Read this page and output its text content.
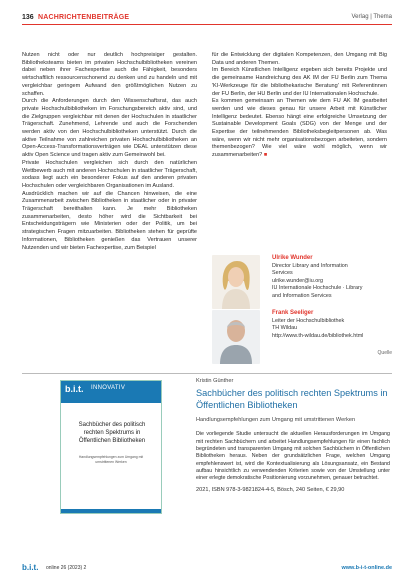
136 NACHRICHTENBEITRÄGE	Verlag | Thema

Nutzen nicht oder nur deutlich hochpreisiger gestalten. Bibliotheksteams bieten im privaten Hochschulbibliotheken vereinen dabei neben ihrer Fachexpertise auch die Fähigkeit, besonders wirtschaftlich ressourcenschonend zu denken und zu handeln und mit vergleichbar geringem Aufwand den größtmöglichen Nutzen zu schaffen.

Durch die Anforderungen durch den Wissenschaftsrat, das auch private Hochschulbibliotheken im Forschungsbereich aktiv sind, und die Zielgruppen vergleichbar mit denen der Hochschulen in staatlicher Trägerschaft. Zunehmend, Lehrende und auch die Forschenden werden aktiv von den Hochschulbibliotheken unterstützt. Durch die aktive Teilnahme von zahlreichen privaten Hochschulbibliotheken an Open-Access-Transformationsverträgen wie DEAL unterstützen diese aktiv Open Science und tragen aktiv zum Gemeinwohl bei.

Private Hochschulen vergleichen sich durch den natürlichen Wettbewerb auch mit anderen Hochschulen in staatlicher Trägerschaft, sodass liegt auch ein besonderer Fokus auf den anderen privaten Hochschulen oder vergleichbaren Organisationen im Ausland.

Ausdrücklich machen wir auf die Chancen hinweisen, die eine Zusammenarbeit zwischen Bibliotheken in staatlicher oder in privater Trägerschaft bereithalten kann. Je mehr Bibliotheken zusammenarbeiten, desto höher wird die Sichtbarkeit bei Entscheidungsträgern wie Ministerien oder der Politik, um bei strategischen Fragen mitzuarbeiten. Bibliotheken stehen für geprüfte Informationen, Bibliotheken genießen das Vertrauen unserer Nutzenden und wir bieten Fachexpertise, zum Beispiel

für die Entwicklung der digitalen Kompetenzen, den Umgang mit Big Data und anderen Themen.

Im Bereich Künstlichen Intelligenz ergeben sich bereits Projekte und die gemeinsame Handreichung des AK IM der FU Berlin zum Thema 'KI-Werkzeuge für die bibliothekarische Beratung' mit Referentinnen der FU Berlin, der HU Berlin und der IU Internationalen Hochschule.

Es kommen gemeinsam an Themen wie dem FU AK IM gearbeitet werden und wie dieses genau für unsere Arbeit mit Künstlicher Intelligenz bedeutet. Ebenso hängt eine erfolgreiche Umsetzung der Sustainable Development Goals (SDG) von der Menge und der Expertise der teilnehmenden Bibliotheksbegleitpersonen ab. Was wäre, wenn wir nicht mehr organisationsbezogen arbeiteten, sondern themenbezogen? Wie viel wäre wohl möglich, wenn wir zusammenarbeiten? ■

Ulrike Wunder
Director Library and Information
Services
ulrike.wunder@iu.org
IU Internationale Hochschule · Library
and Information Services
Frank Seeliger
Leiter der Hochschulbibliothek
TH Wildau
http://www.th-wildau.de/bibliothek.html
Quelle
b.i.t. INNOVATIV
Sachbücher des politisch rechten Spektrums in Öffentlichen Bibliotheken
Handlungsempfehlungen zum Umgang mit umstrittenen Werken
Kristin Günther
Sachbücher des politisch rechten Spektrums in Öffentlichen Bibliotheken
Handlungsempfehlungen zum Umgang mit umstrittenen Werken
Die vorliegende Studie untersucht die aktuellen Herausforderungen im Umgang mit rechten Sachbüchern und arbeitet Handlungsempfehlungen für einen fachlich begründeten und transparenten Umgang mit solchen Sachbüchern in Öffentlichen Bibliotheken heraus. Neben der grundsätzlichen Frage, welchen Umgang empfehlenswert ist, wird die Kontextualisierung als Lösungsansatz, ein Bestand aufbau hinsichtlich zu verwendenden Kriterien sowie von der Umstellung unter einer erlegte demokratische Positionierung vorzunehmen, genauer betrachtet.
2021, ISBN 978-3-9821824-4-5, Bösch, 240 Seiten, € 29,90
b.i.t. online 26 (2023) 2	www.b-i-t-online.de
